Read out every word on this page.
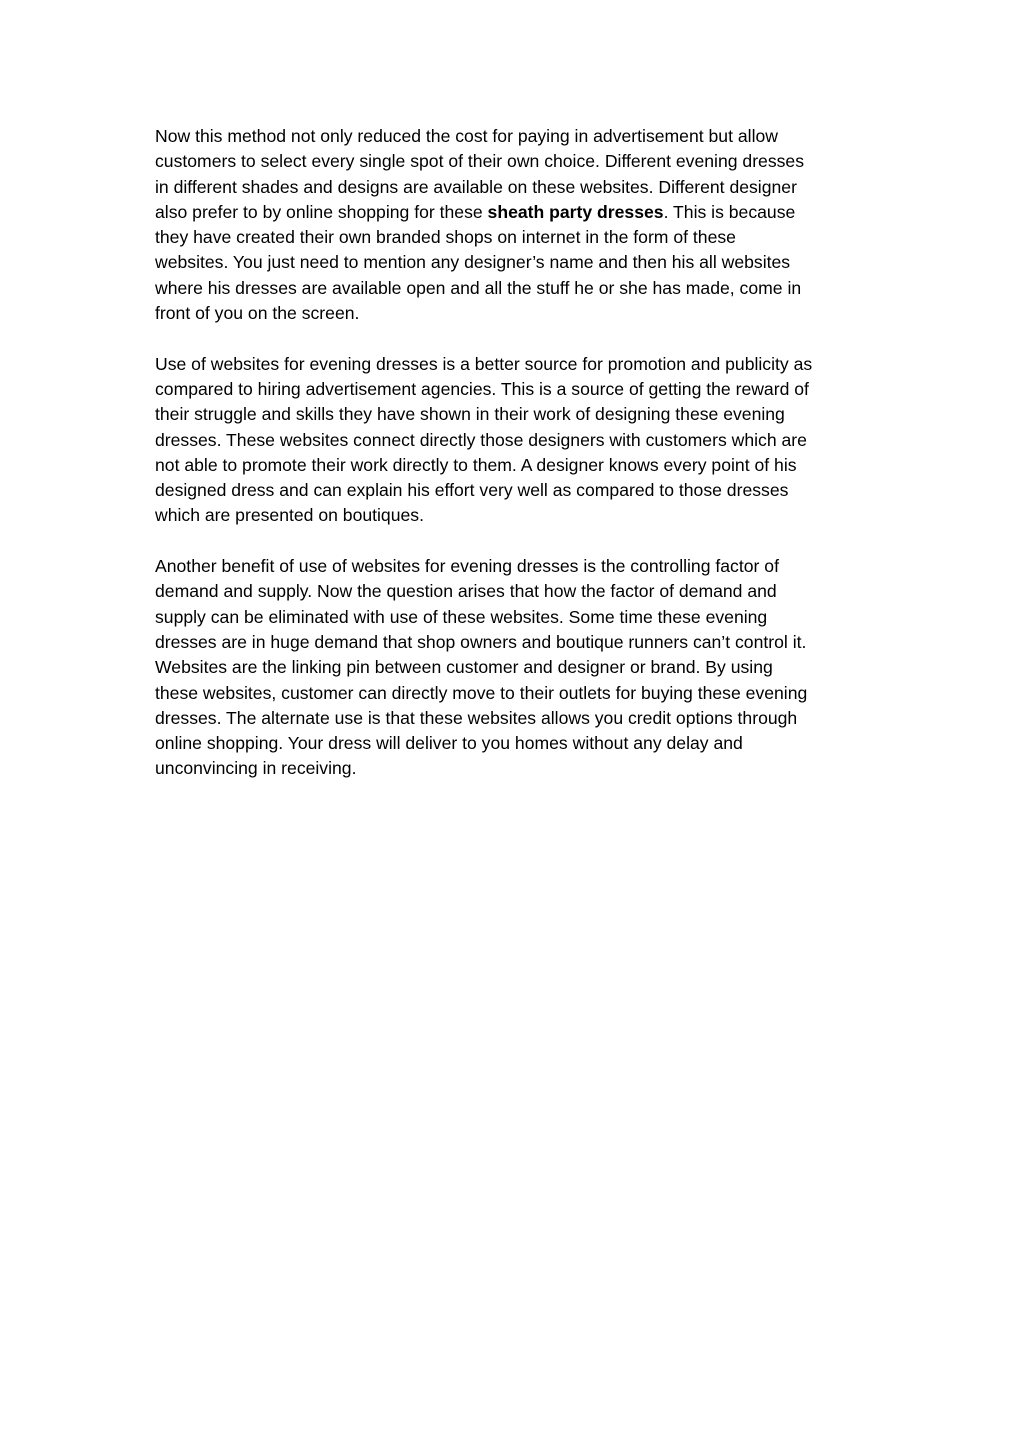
Now this method not only reduced the cost for paying in advertisement but allow
customers to select every single spot of their own choice. Different evening dresses
in different shades and designs are available on these websites. Different designer
also prefer to by online shopping for these sheath party dresses. This is because
they have created their own branded shops on internet in the form of these
websites. You just need to mention any designer’s name and then his all websites
where his dresses are available open and all the stuff he or she has made, come in
front of you on the screen.

Use of websites for evening dresses is a better source for promotion and publicity as
compared to hiring advertisement agencies. This is a source of getting the reward of
their struggle and skills they have shown in their work of designing these evening
dresses. These websites connect directly those designers with customers which are
not able to promote their work directly to them. A designer knows every point of his
designed dress and can explain his effort very well as compared to those dresses
which are presented on boutiques.

Another benefit of use of websites for evening dresses is the controlling factor of
demand and supply. Now the question arises that how the factor of demand and
supply can be eliminated with use of these websites. Some time these evening
dresses are in huge demand that shop owners and boutique runners can’t control it.
Websites are the linking pin between customer and designer or brand. By using
these websites, customer can directly move to their outlets for buying these evening
dresses. The alternate use is that these websites allows you credit options through
online shopping. Your dress will deliver to you homes without any delay and
unconvincing in receiving.
